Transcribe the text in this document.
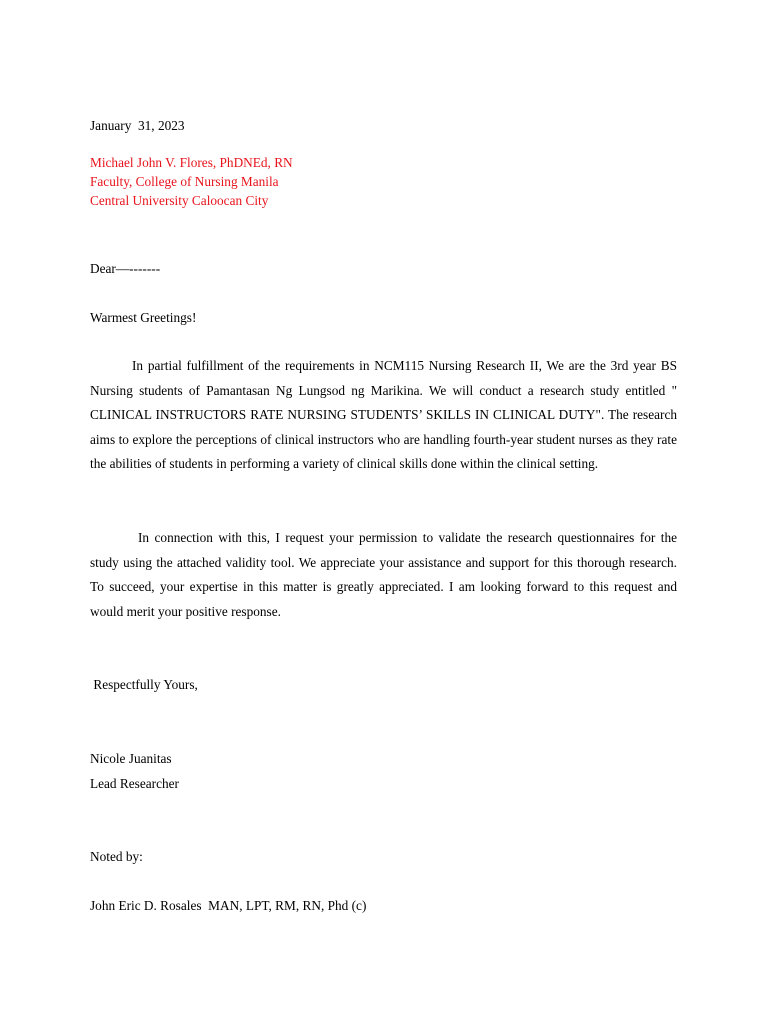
January  31, 2023
Michael John V. Flores, PhDNEd, RN
Faculty, College of Nursing Manila
Central University Caloocan City
Dear—-------
Warmest Greetings!
In partial fulfillment of the requirements in NCM115 Nursing Research II, We are the 3rd year BS Nursing students of Pamantasan Ng Lungsod ng Marikina. We will conduct a research study entitled " CLINICAL INSTRUCTORS RATE NURSING STUDENTS’ SKILLS IN CLINICAL DUTY". The research aims to explore the perceptions of clinical instructors who are handling fourth-year student nurses as they rate the abilities of students in performing a variety of clinical skills done within the clinical setting.
In connection with this, I request your permission to validate the research questionnaires for the study using the attached validity tool. We appreciate your assistance and support for this thorough research. To succeed, your expertise in this matter is greatly appreciated. I am looking forward to this request and would merit your positive response.
Respectfully Yours,
Nicole Juanitas
Lead Researcher
Noted by:
John Eric D. Rosales  MAN, LPT, RM, RN, Phd (c)
